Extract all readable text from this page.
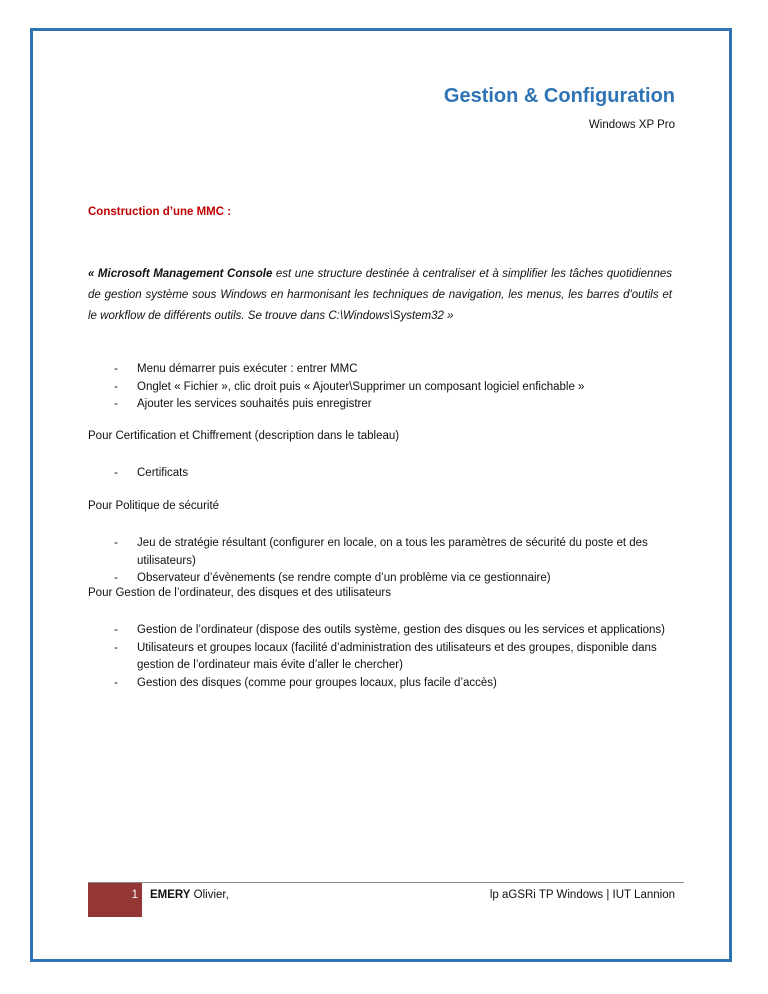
Gestion & Configuration
Windows XP Pro
Construction d’une MMC :

« Microsoft Management Console est une structure destinée à centraliser et à simplifier les tâches quotidiennes de gestion système sous Windows en harmonisant les techniques de navigation, les menus, les barres d'outils et le workflow de différents outils. Se trouve dans C:\Windows\System32 »

- Menu démarrer puis exécuter : entrer MMC
- Onglet « Fichier », clic droit puis « Ajouter\Supprimer un composant logiciel enfichable »
- Ajouter les services souhaités puis enregistrer

Pour Certification et Chiffrement (description dans le tableau)

- Certificats

Pour Politique de sécurité

- Jeu de stratégie résultant (configurer en locale, on a tous les paramètres de sécurité du poste et des utilisateurs)
- Observateur d’évènements (se rendre compte d’un problème via ce gestionnaire)

Pour Gestion de l’ordinateur, des disques et des utilisateurs

- Gestion de l’ordinateur (dispose des outils système, gestion des disques ou les services et applications)
- Utilisateurs et groupes locaux (facilité d’administration des utilisateurs et des groupes, disponible dans gestion de l’ordinateur mais évite d’aller le chercher)
- Gestion des disques (comme pour groupes locaux, plus facile d’accès)
1 EMERY Olivier,	lp aGSRi TP Windows | IUT Lannion
